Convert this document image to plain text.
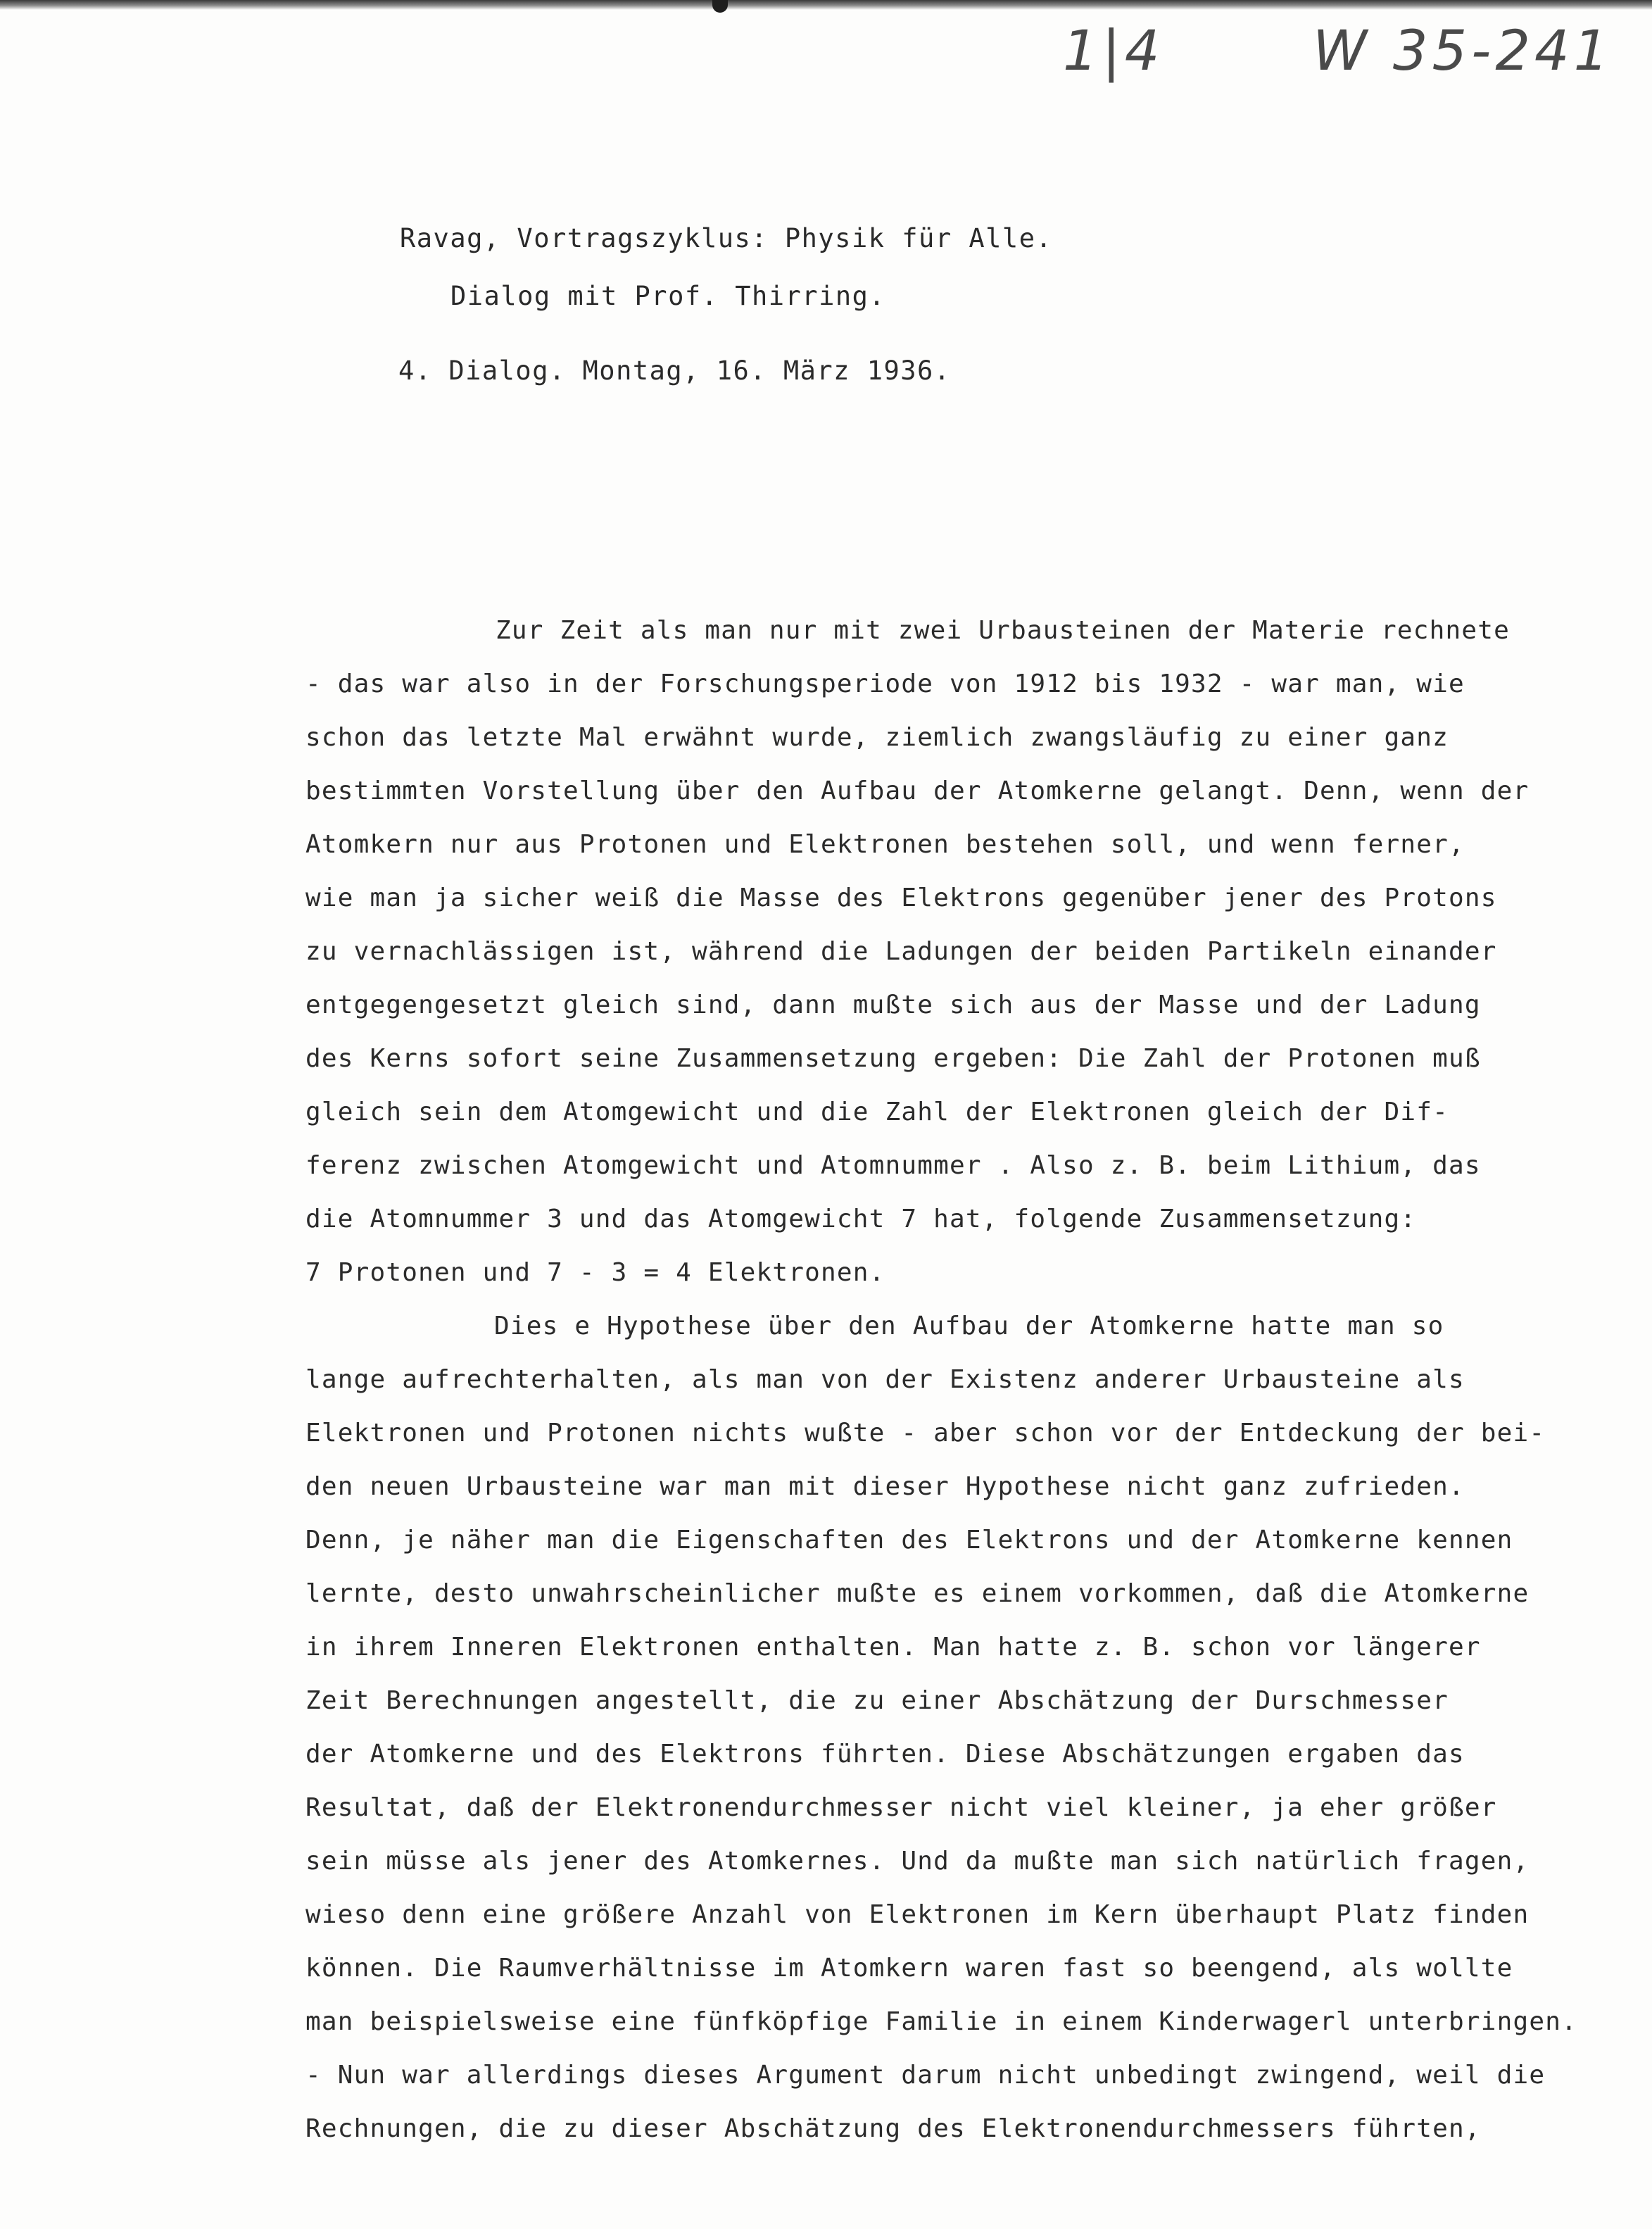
1|4	W 35-241
Ravag, Vortragszyklus: Physik für Alle.
Dialog mit Prof. Thirring.
4. Dialog. Montag, 16. März 1936.
Zur Zeit als man nur mit zwei Urbausteinen der Materie rechnete
- das war also in der Forschungsperiode von 1912 bis 1932 - war man, wie
schon das letzte Mal erwähnt wurde, ziemlich zwangsläufig zu einer ganz
bestimmten Vorstellung über den Aufbau der Atomkerne gelangt. Denn, wenn der
Atomkern nur aus Protonen und Elektronen bestehen soll, und wenn ferner,
wie man ja sicher weiß die Masse des Elektrons gegenüber jener des Protons
zu vernachlässigen ist, während die Ladungen der beiden Partikeln einander
entgegengesetzt gleich sind, dann mußte sich aus der Masse und der Ladung
des Kerns sofort seine Zusammensetzung ergeben: Die Zahl der Protonen muß
gleich sein dem Atomgewicht und die Zahl der Elektronen gleich der Dif-
ferenz zwischen Atomgewicht und Atomnummer . Also z. B. beim Lithium, das
die Atomnummer 3 und das Atomgewicht 7 hat, folgende Zusammensetzung:
7 Protonen und 7 - 3 = 4 Elektronen.
Dies e Hypothese über den Aufbau der Atomkerne hatte man so
lange aufrechterhalten, als man von der Existenz anderer Urbausteine als
Elektronen und Protonen nichts wußte - aber schon vor der Entdeckung der bei-
den neuen Urbausteine war man mit dieser Hypothese nicht ganz zufrieden.
Denn, je näher man die Eigenschaften des Elektrons und der Atomkerne kennen
lernte, desto unwahrscheinlicher mußte es einem vorkommen, daß die Atomkerne
in ihrem Inneren Elektronen enthalten. Man hatte z. B. schon vor längerer
Zeit Berechnungen angestellt, die zu einer Abschätzung der Durschmesser
der Atomkerne und des Elektrons führten. Diese Abschätzungen ergaben das
Resultat, daß der Elektronendurchmesser nicht viel kleiner, ja eher größer
sein müsse als jener des Atomkernes. Und da mußte man sich natürlich fragen,
wieso denn eine größere Anzahl von Elektronen im Kern überhaupt Platz finden
können. Die Raumverhältnisse im Atomkern waren fast so beengend, als wollte
man beispielsweise eine fünfköpfige Familie in einem Kinderwagerl unterbringen.
- Nun war allerdings dieses Argument darum nicht unbedingt zwingend, weil die
Rechnungen, die zu dieser Abschätzung des Elektronendurchmessers führten,
